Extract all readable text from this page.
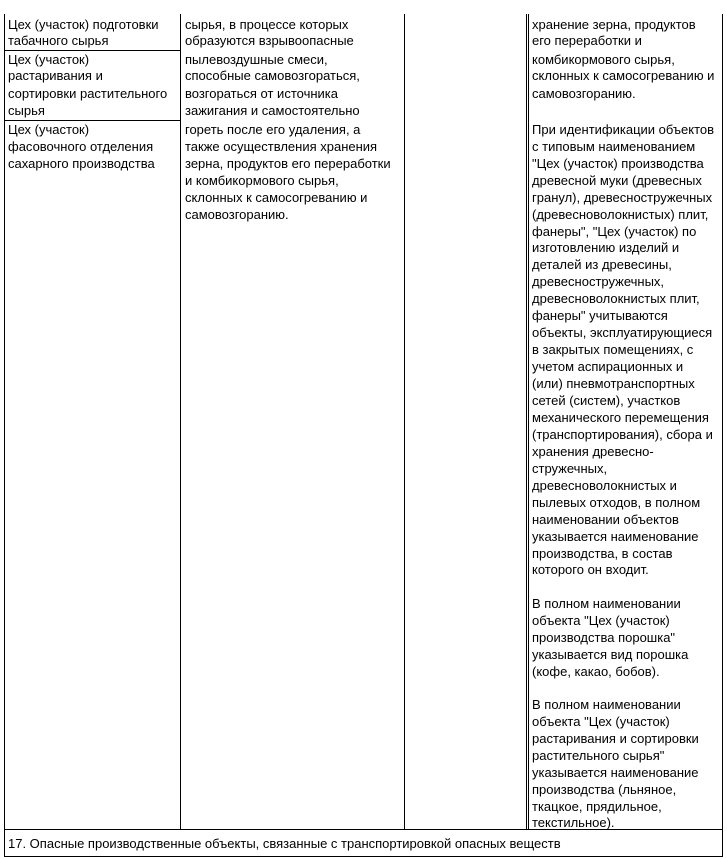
Цех (участок) подготовки
табачного сырья
Цех (участок)
растаривания и
сортировки растительного
сырья
Цех (участок)
фасовочного отделения
сахарного производства
сырья, в процессе которых
образуются взрывоопасные
пылевоздушные смеси,
способные самовозгораться,
возгораться от источника
зажигания и самостоятельно
гореть после его удаления, а
также осуществления хранения
зерна, продуктов его переработки
и комбикормового сырья,
склонных к самосогреванию и
самовозгоранию.
хранение зерна, продуктов
его переработки и
комбикормового сырья,
склонных к самосогреванию и
самовозгоранию.
При идентификации объектов
с типовым наименованием
"Цех (участок) производства
древесной муки (древесных
гранул), древесностружечных
(древесноволокнистых) плит,
фанеры", "Цех (участок) по
изготовлению изделий и
деталей из древесины,
древесностружечных,
древесноволокнистых плит,
фанеры" учитываются
объекты, эксплуатирующиеся
в закрытых помещениях, с
учетом аспирационных и
(или) пневмотранспортных
сетей (систем), участков
механического перемещения
(транспортирования), сбора и
хранения древесно-
стружечных,
древесноволокнистых и
пылевых отходов, в полном
наименовании объектов
указывается наименование
производства, в состав
которого он входит.
В полном наименовании
объекта "Цех (участок)
производства порошка"
указывается вид порошка
(кофе, какао, бобов).
В полном наименовании
объекта "Цех (участок)
растаривания и сортировки
растительного сырья"
указывается наименование
производства (льняное,
ткацкое, прядильное,
текстильное).
17. Опасные производственные объекты, связанные с транспортировкой опасных веществ
